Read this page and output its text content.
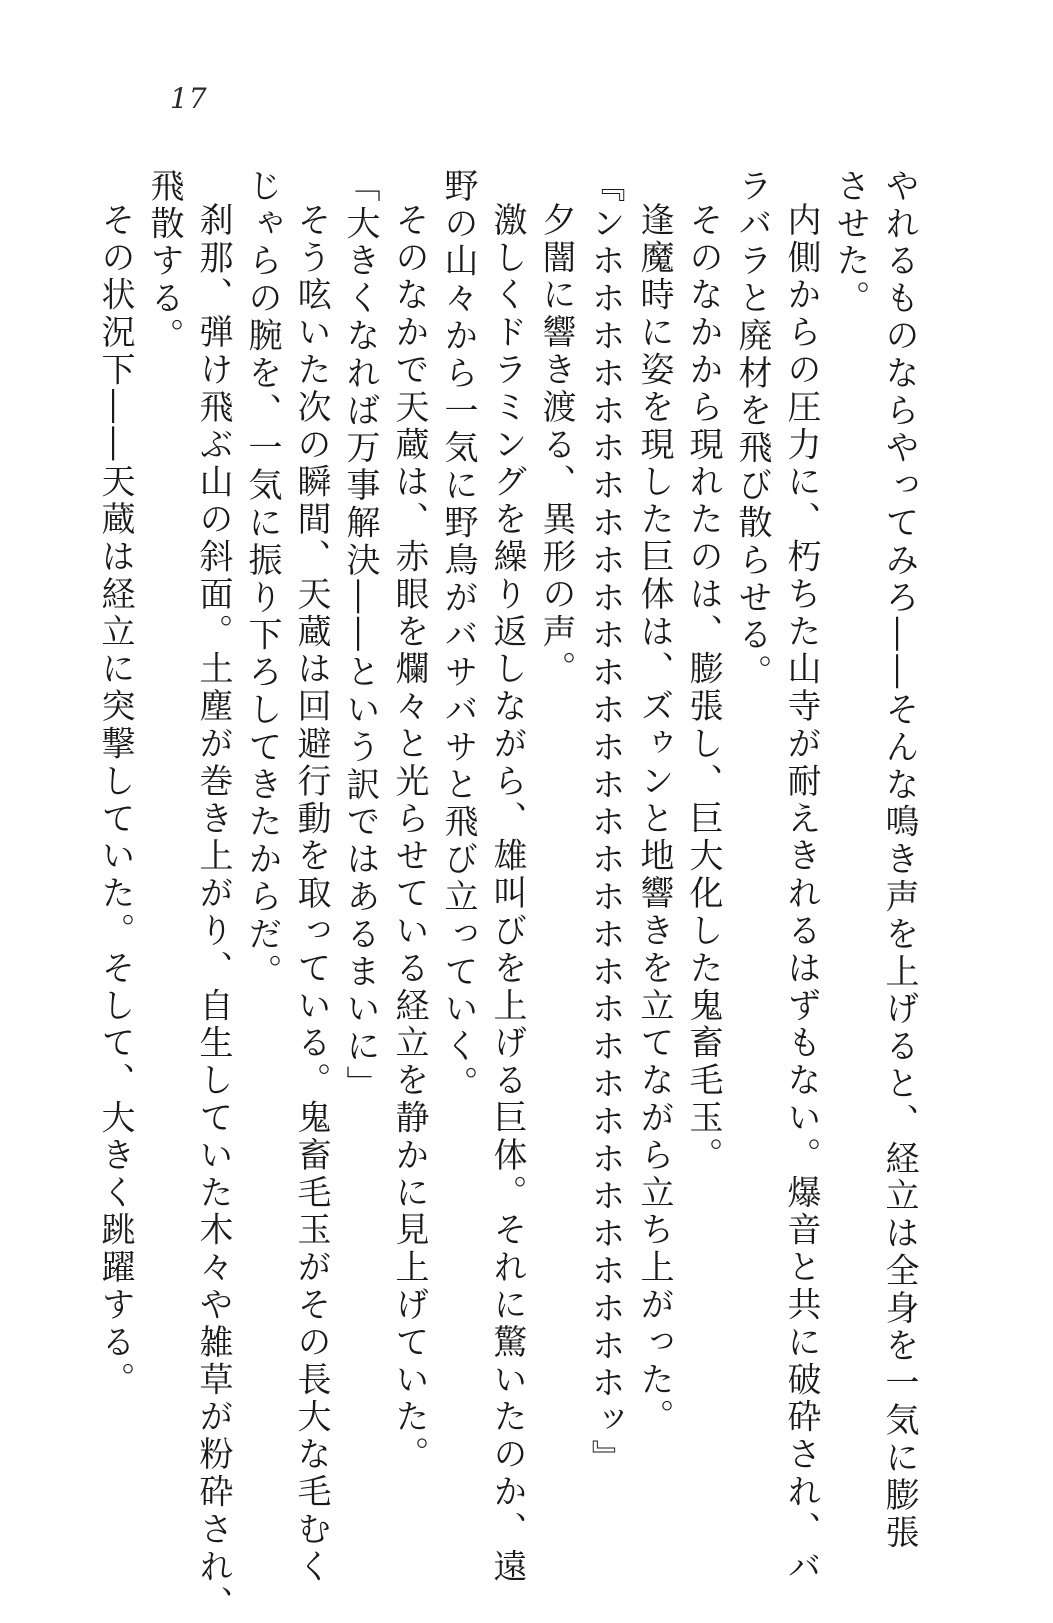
17
やれるものならやってみろ――そんな鳴き声を上げると、経立は全身を一気に膨張
させた。
内側からの圧力に、朽ちた山寺が耐えきれるはずもない。爆音と共に破砕され、バ
ラバラと廃材を飛び散らせる。
そのなかから現れたのは、膨張し、巨大化した鬼畜毛玉。
逢魔時に姿を現した巨体は、ズゥンと地響きを立てながら立ち上がった。
『ンホホホホホホホホホホホホホホホホホホホホホホホホホホホホホホホッ』
夕闇に響き渡る、異形の声。
激しくドラミングを繰り返しながら、雄叫びを上げる巨体。それに驚いたのか、遠
野の山々から一気に野鳥がバサバサと飛び立っていく。
そのなかで天蔵は、赤眼を爛々と光らせている経立を静かに見上げていた。
「大きくなれば万事解決――という訳ではあるまいに」
そう呟いた次の瞬間、天蔵は回避行動を取っている。鬼畜毛玉がその長大な毛むく
じゃらの腕を、一気に振り下ろしてきたからだ。
刹那、弾け飛ぶ山の斜面。土塵が巻き上がり、自生していた木々や雑草が粉砕され、
飛散する。
その状況下――天蔵は経立に突撃していた。そして、大きく跳躍する。
